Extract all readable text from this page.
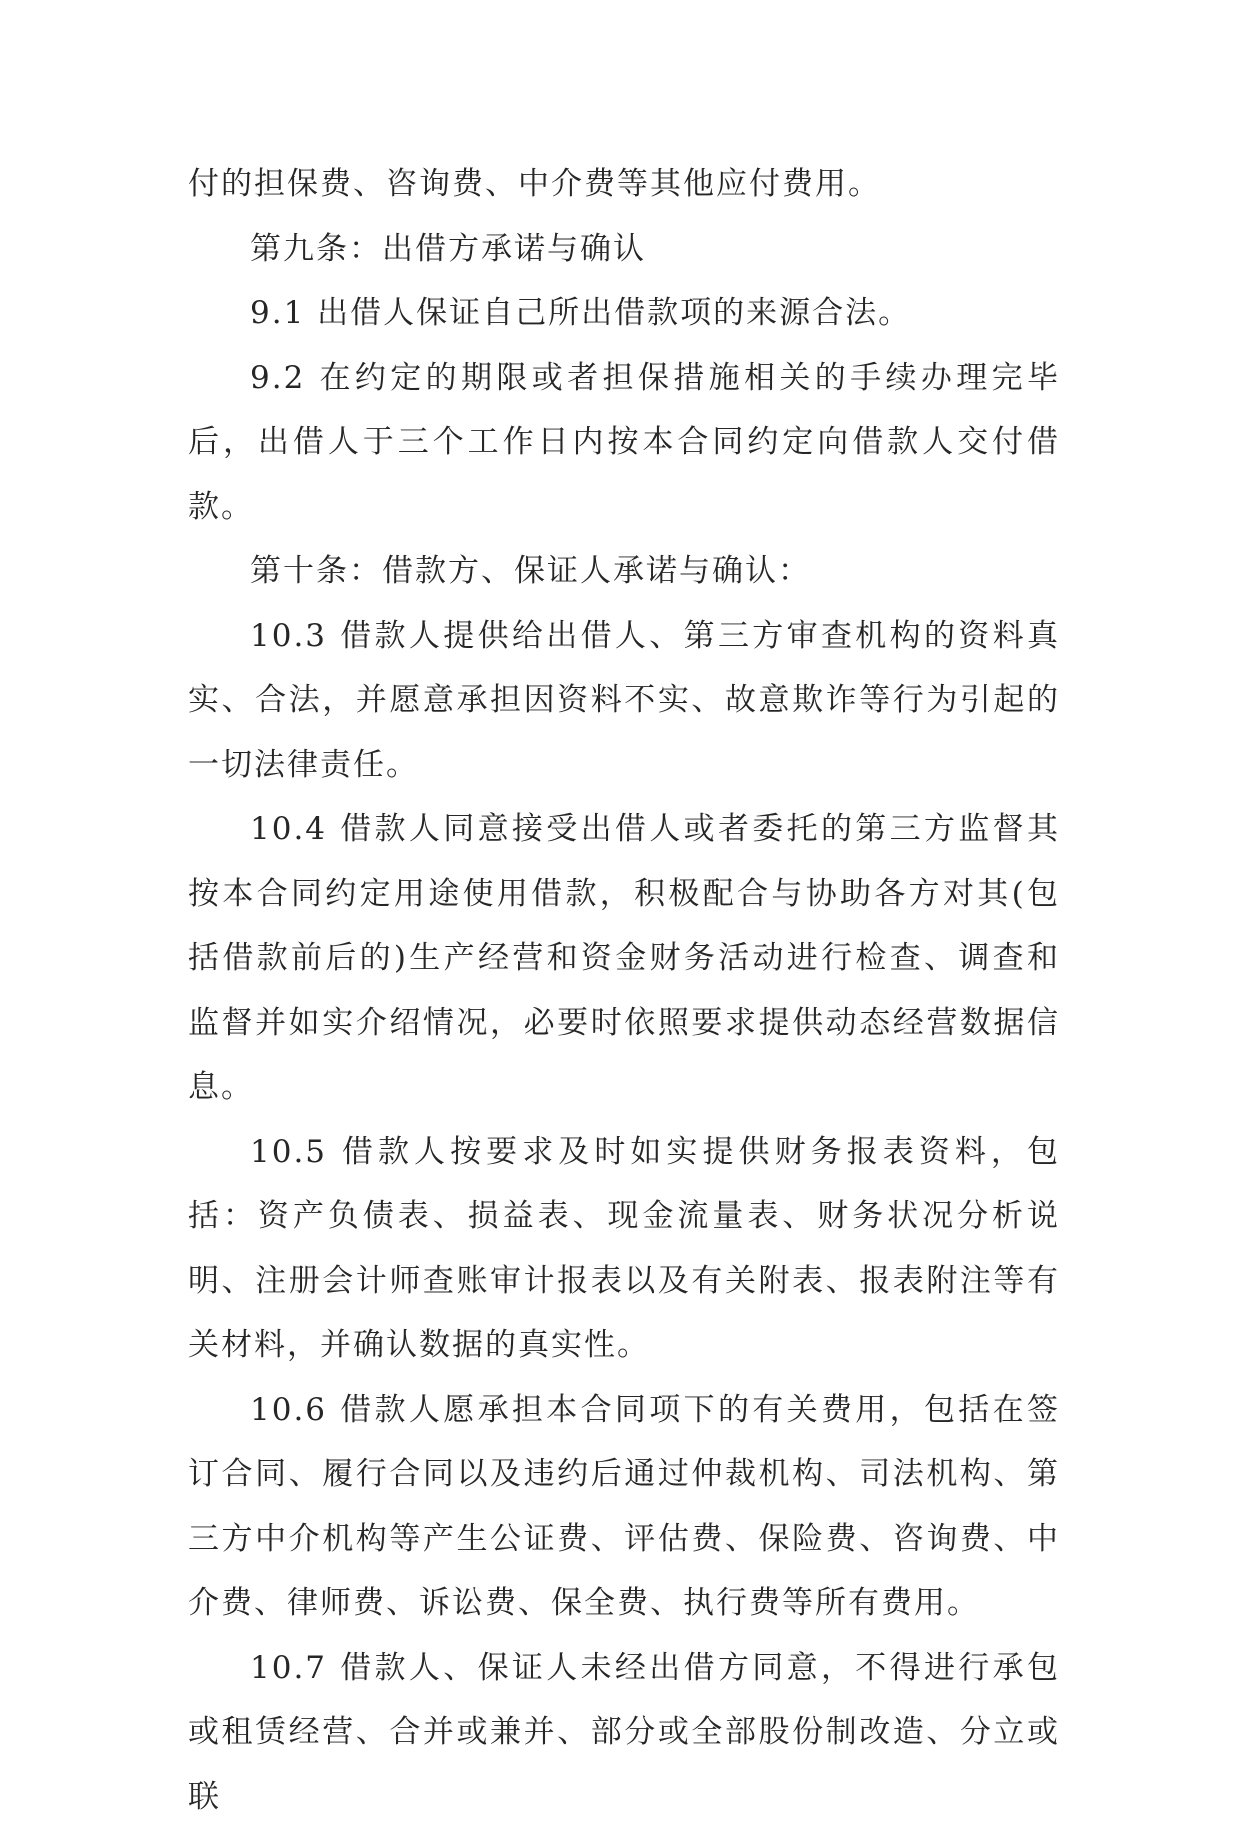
付的担保费、咨询费、中介费等其他应付费用。

第九条：出借方承诺与确认

9.1 出借人保证自己所出借款项的来源合法。

9.2 在约定的期限或者担保措施相关的手续办理完毕后，出借人于三个工作日内按本合同约定向借款人交付借款。

第十条：借款方、保证人承诺与确认：

10.3 借款人提供给出借人、第三方审查机构的资料真实、合法，并愿意承担因资料不实、故意欺诈等行为引起的一切法律责任。

10.4 借款人同意接受出借人或者委托的第三方监督其按本合同约定用途使用借款，积极配合与协助各方对其(包括借款前后的)生产经营和资金财务活动进行检查、调查和监督并如实介绍情况，必要时依照要求提供动态经营数据信息。

10.5 借款人按要求及时如实提供财务报表资料，包括：资产负债表、损益表、现金流量表、财务状况分析说明、注册会计师查账审计报表以及有关附表、报表附注等有关材料，并确认数据的真实性。

10.6 借款人愿承担本合同项下的有关费用，包括在签订合同、履行合同以及违约后通过仲裁机构、司法机构、第三方中介机构等产生公证费、评估费、保险费、咨询费、中介费、律师费、诉讼费、保全费、执行费等所有费用。

10.7 借款人、保证人未经出借方同意，不得进行承包或租赁经营、合并或兼并、部分或全部股份制改造、分立或联
